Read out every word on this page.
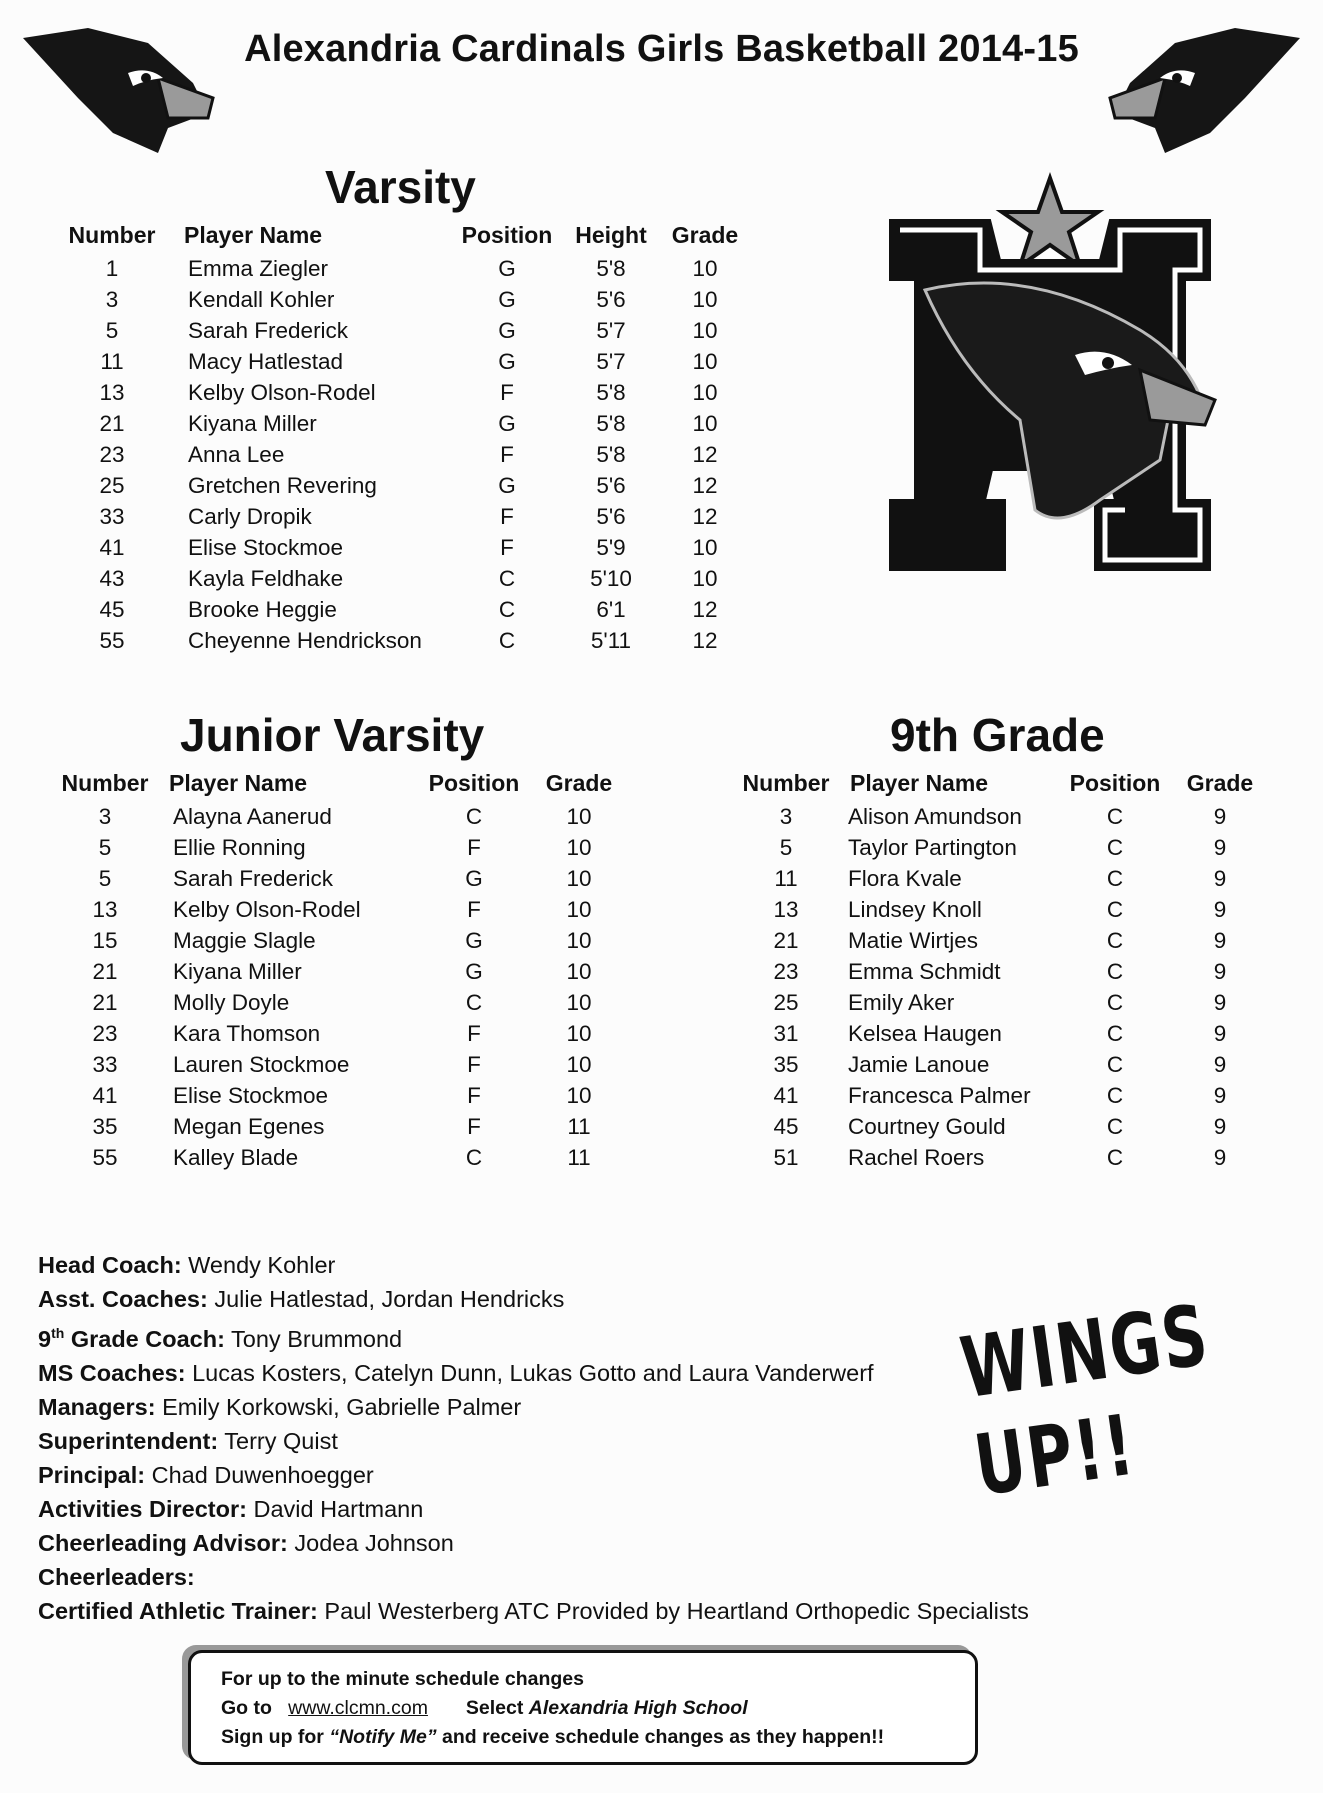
Alexandria Cardinals Girls Basketball 2014-15
Varsity
Number	Player Name	Position	Height	Grade
1	Emma Ziegler	G	5'8	10
3	Kendall Kohler	G	5'6	10
5	Sarah Frederick	G	5'7	10
11	Macy Hatlestad	G	5'7	10
13	Kelby Olson-Rodel	F	5'8	10
21	Kiyana Miller	G	5'8	10
23	Anna Lee	F	5'8	12
25	Gretchen Revering	G	5'6	12
33	Carly Dropik	F	5'6	12
41	Elise Stockmoe	F	5'9	10
43	Kayla Feldhake	C	5'10	10
45	Brooke Heggie	C	6'1	12
55	Cheyenne Hendrickson	C	5'11	12
Junior Varsity
Number	Player Name	Position	Grade
3	Alayna Aanerud	C	10
5	Ellie Ronning	F	10
5	Sarah Frederick	G	10
13	Kelby Olson-Rodel	F	10
15	Maggie Slagle	G	10
21	Kiyana Miller	G	10
21	Molly Doyle	C	10
23	Kara Thomson	F	10
33	Lauren Stockmoe	F	10
41	Elise Stockmoe	F	10
35	Megan Egenes	F	11
55	Kalley Blade	C	11
9th Grade
Number	Player Name	Position	Grade
3	Alison Amundson	C	9
5	Taylor Partington	C	9
11	Flora Kvale	C	9
13	Lindsey Knoll	C	9
21	Matie Wirtjes	C	9
23	Emma Schmidt	C	9
25	Emily Aker	C	9
31	Kelsea Haugen	C	9
35	Jamie Lanoue	C	9
41	Francesca Palmer	C	9
45	Courtney Gould	C	9
51	Rachel Roers	C	9
Head Coach: Wendy Kohler
Asst. Coaches: Julie Hatlestad, Jordan Hendricks
9th Grade Coach: Tony Brummond
MS Coaches: Lucas Kosters, Catelyn Dunn, Lukas Gotto and Laura Vanderwerf
Managers: Emily Korkowski, Gabrielle Palmer
Superintendent: Terry Quist
Principal: Chad Duwenhoegger
Activities Director: David Hartmann
Cheerleading Advisor: Jodea Johnson
Cheerleaders:
Certified Athletic Trainer: Paul Westerberg ATC Provided by Heartland Orthopedic Specialists
WINGS UP!!
For up to the minute schedule changes
Go to www.clcmn.com Select Alexandria High School
Sign up for “Notify Me” and receive schedule changes as they happen!!
